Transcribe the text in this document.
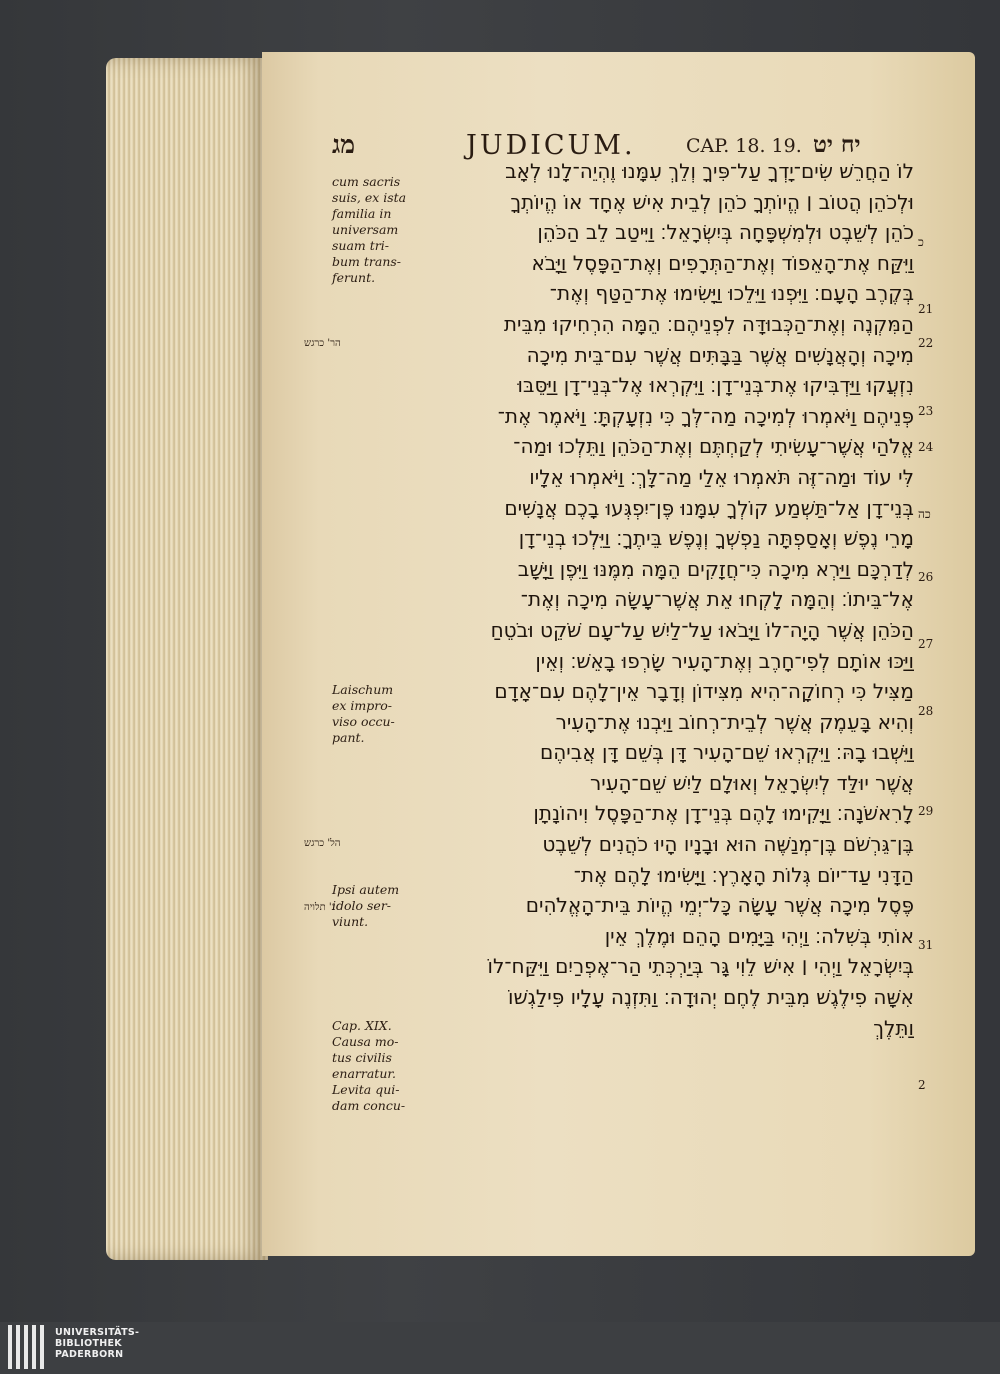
מג	JUDICUM.	CAP. 18. 19. יח יט
cum sacris
suis, ex ista
familia in
universam
suam tri-
bum trans-
ferunt.
Laischum
ex impro-
viso occu-
pant.
Ipsi autem
idolo ser-
viunt.
Cap. XIX.
Causa mo-
tus civilis
enarratur.
Levita qui-
dam concu-
הר' כרגש
הל' כרגש
נ' תלויה
לוֹ הַחֲרֵשׁ שִׂים־יָדְךָ עַל־פִּיךָ וְלֵךְ עִמָּנוּ וֶהְיֵה־לָנוּ לְאָב
וּלְכֹהֵן הֲטוֹב ׀ הֱיוֹתְךָ כֹהֵן לְבֵית אִישׁ אֶחָד אוֹ הֱיוֹתְךָ
כֹהֵן לְשֵׁבֶט וּלְמִשְׁפָּחָה בְּיִשְׂרָאֵל׃ וַיִּיטַב לֵב הַכֹּהֵן
וַיִּקַּח אֶת־הָאֵפוֹד וְאֶת־הַתְּרָפִים וְאֶת־הַפָּסֶל וַיָּבֹא
בְּקֶרֶב הָעָם׃ וַיִּפְנוּ וַיֵּלֵכוּ וַיָּשִׂימוּ אֶת־הַטַּף וְאֶת־
הַמִּקְנֶה וְאֶת־הַכְּבוּדָּה לִפְנֵיהֶם׃ הֵמָּה הִרְחִיקוּ מִבֵּית
מִיכָה וְהָאֲנָשִׁים אֲשֶׁר בַּבָּתִּים אֲשֶׁר עִם־בֵּית מִיכָה
נִזְעֲקוּ וַיַּדְבִּיקוּ אֶת־בְּנֵי־דָן׃ וַיִּקְרְאוּ אֶל־בְּנֵי־דָן וַיַּסֵּבּוּ
פְּנֵיהֶם וַיֹּאמְרוּ לְמִיכָה מַה־לְּךָ כִּי נִזְעָקְתָּ׃ וַיֹּאמֶר אֶת־
אֱלֹהַי אֲשֶׁר־עָשִׂיתִי לְקַחְתֶּם וְאֶת־הַכֹּהֵן וַתֵּלְכוּ וּמַה־
לִּי עוֹד וּמַה־זֶּה תֹּאמְרוּ אֵלַי מַה־לָּךְ׃ וַיֹּאמְרוּ אֵלָיו
בְּנֵי־דָן אַל־תַּשְׁמַע קוֹלְךָ עִמָּנוּ פֶּן־יִפְגְּעוּ בָכֶם אֲנָשִׁים
מָרֵי נֶפֶשׁ וְאָסַפְתָּה נַפְשְׁךָ וְנֶפֶשׁ בֵּיתֶךָ׃ וַיֵּלְכוּ בְנֵי־דָן
לְדַרְכָּם וַיַּרְא מִיכָה כִּי־חֲזָקִים הֵמָּה מִמֶּנּוּ וַיִּפֶן וַיָּשָׁב
אֶל־בֵּיתוֹ׃ וְהֵמָּה לָקְחוּ אֵת אֲשֶׁר־עָשָׂה מִיכָה וְאֶת־
הַכֹּהֵן אֲשֶׁר הָיָה־לוֹ וַיָּבֹאוּ עַל־לַיִשׁ עַל־עָם שֹׁקֵט וּבֹטֵחַ
וַיַּכּוּ אוֹתָם לְפִי־חָרֶב וְאֶת־הָעִיר שָׂרְפוּ בָאֵשׁ׃ וְאֵין
מַצִּיל כִּי רְחוֹקָה־הִיא מִצִּידוֹן וְדָבָר אֵין־לָהֶם עִם־אָדָם
וְהִיא בָּעֵמֶק אֲשֶׁר לְבֵית־רְחוֹב וַיִּבְנוּ אֶת־הָעִיר
וַיֵּשְׁבוּ בָהּ׃ וַיִּקְרְאוּ שֵׁם־הָעִיר דָּן בְּשֵׁם דָּן אֲבִיהֶם
אֲשֶׁר יוּלַּד לְיִשְׂרָאֵל וְאוּלָם לַיִשׁ שֵׁם־הָעִיר
לָרִאשֹׁנָה׃ וַיָּקִימוּ לָהֶם בְּנֵי־דָן אֶת־הַפָּסֶל וִיהוֹנָתָן
בֶּן־גֵּרְשֹׁם בֶּן־מְנַשֶּׁה הוּא וּבָנָיו הָיוּ כֹהֲנִים לְשֵׁבֶט
הַדָּנִי עַד־יוֹם גְּלוֹת הָאָרֶץ׃ וַיָּשִׂימוּ לָהֶם אֶת־
פֶּסֶל מִיכָה אֲשֶׁר עָשָׂה כָּל־יְמֵי הֱיוֹת בֵּית־הָאֱלֹהִים
אוֹתִי בְּשִׁלֹה׃ וַיְהִי בַּיָּמִים הָהֵם וּמֶלֶךְ אֵין
בְּיִשְׂרָאֵל וַיְהִי ׀ אִישׁ לֵוִי גָּר בְּיַרְכְּתֵי הַר־אֶפְרַיִם וַיִּקַּח־לוֹ
אִשָּׁה פִילֶגֶשׁ מִבֵּית לֶחֶם יְהוּדָה׃ וַתִּזְנֶה עָלָיו פִּילַגְשׁוֹ
וַתֵּלֶךְ
כ
21
22
23
24
כה
26
27
28
29
31
2
UNIVERSITÄTS-
BIBLIOTHEK
PADERBORN
